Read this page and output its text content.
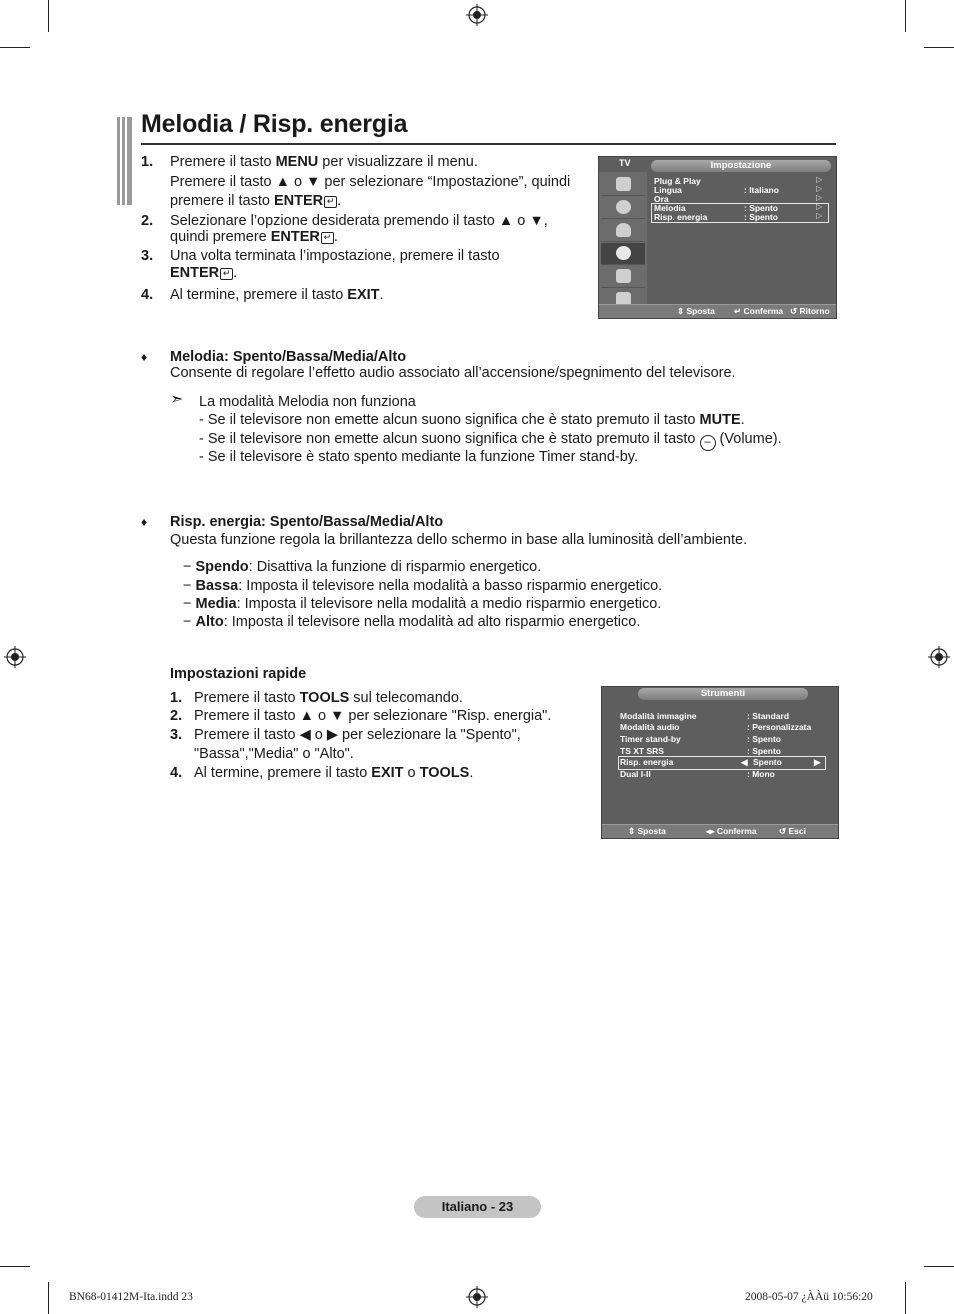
Melodia / Risp. energia
1. Premere il tasto MENU per visualizzare il menu.
Premere il tasto ▲ o ▼ per selezionare “Impostazione”, quindi
premere il tasto ENTER ↵ .
2. Selezionare l’opzione desiderata premendo il tasto ▲ o ▼,
quindi premere ENTER ↵ .
3. Una volta terminata l’impostazione, premere il tasto
ENTER ↵ .
4. Al termine, premere il tasto EXIT.
TV	Impostazione
Plug & Play	▷
Lingua	: Italiano	▷
Ora	▷
Melodia	: Spento	▷
Risp. energia	: Spento	▷
⇕ Sposta ↵ Conferma ↺ Ritorno
♦ Melodia: Spento/Bassa/Media/Alto
Consente di regolare l’effetto audio associato all’accensione/spegnimento del televisore.
➣ La modalità Melodia non funziona
- Se il televisore non emette alcun suono significa che è stato premuto il tasto MUTE.
- Se il televisore non emette alcun suono significa che è stato premuto il tasto – (Volume).
- Se il televisore è stato spento mediante la funzione Timer stand-by.
♦ Risp. energia: Spento/Bassa/Media/Alto
Questa funzione regola la brillantezza dello schermo in base alla luminosità dell’ambiente.
− Spendo: Disattiva la funzione di risparmio energetico.
− Bassa: Imposta il televisore nella modalità a basso risparmio energetico.
− Media: Imposta il televisore nella modalità a medio risparmio energetico.
− Alto: Imposta il televisore nella modalità ad alto risparmio energetico.
Impostazioni rapide
1. Premere il tasto TOOLS sul telecomando.
2. Premere il tasto ▲ o ▼ per selezionare "Risp. energia".
3. Premere il tasto ◀ o ▶ per selezionare la "Spento",
"Bassa","Media" o "Alto".
4. Al termine, premere il tasto EXIT o TOOLS.
Strumenti
Modalità immagine	: Standard
Modalità audio	: Personalizzata
Timer stand-by	: Spento
TS XT SRS	: Spento
Risp. energia	◀ Spento	▶
Dual I-II	: Mono
⇕ Sposta	◂▸ Conferma	↺ Esci
Italiano - 23
BN68-01412M-Ita.indd 23	2008-05-07 ¿ÀÀü 10:56:20
